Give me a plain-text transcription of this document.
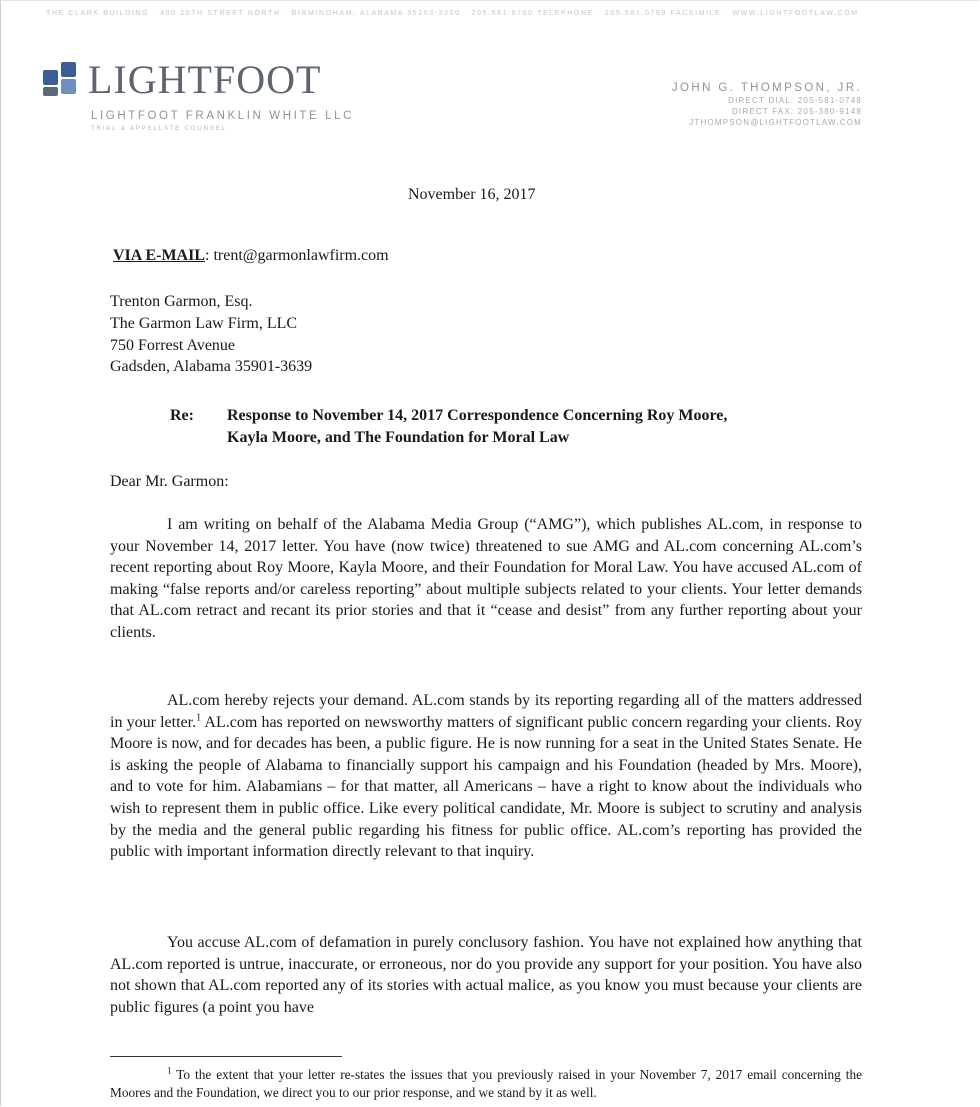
THE CLARK BUILDING · 400 20TH STREET NORTH · BIRMINGHAM, ALABAMA 35203-3200 · 205.581.0700 TELEPHONE · 205.581.0799 FACSIMILE · WWW.LIGHTFOOTLAW.COM
LIGHTFOOT
LIGHTFOOT FRANKLIN WHITE LLC
TRIAL & APPELLATE COUNSEL
JOHN G. THOMPSON, JR.
DIRECT DIAL: 205-581-0748
DIRECT FAX: 205-380-9148
JTHOMPSON@LIGHTFOOTLAW.COM
November 16, 2017
VIA E-MAIL: trent@garmonlawfirm.com
Trenton Garmon, Esq.
The Garmon Law Firm, LLC
750 Forrest Avenue
Gadsden, Alabama 35901-3639
Re: Response to November 14, 2017 Correspondence Concerning Roy Moore,
Kayla Moore, and The Foundation for Moral Law
Dear Mr. Garmon:

I am writing on behalf of the Alabama Media Group (“AMG”), which publishes AL.com, in response to your November 14, 2017 letter. You have (now twice) threatened to sue AMG and AL.com concerning AL.com’s recent reporting about Roy Moore, Kayla Moore, and their Foundation for Moral Law. You have accused AL.com of making “false reports and/or careless reporting” about multiple subjects related to your clients. Your letter demands that AL.com retract and recant its prior stories and that it “cease and desist” from any further reporting about your clients.

AL.com hereby rejects your demand. AL.com stands by its reporting regarding all of the matters addressed in your letter.$^1$ AL.com has reported on newsworthy matters of significant public concern regarding your clients. Roy Moore is now, and for decades has been, a public figure. He is now running for a seat in the United States Senate. He is asking the people of Alabama to financially support his campaign and his Foundation (headed by Mrs. Moore), and to vote for him. Alabamians – for that matter, all Americans – have a right to know about the individuals who wish to represent them in public office. Like every political candidate, Mr. Moore is subject to scrutiny and analysis by the media and the general public regarding his fitness for public office. AL.com’s reporting has provided the public with important information directly relevant to that inquiry.

You accuse AL.com of defamation in purely conclusory fashion. You have not explained how anything that AL.com reported is untrue, inaccurate, or erroneous, nor do you provide any support for your position. You have also not shown that AL.com reported any of its stories with actual malice, as you know you must because your clients are public figures (a point you have

$^1$ To the extent that your letter re-states the issues that you previously raised in your November 7, 2017 email concerning the Moores and the Foundation, we direct you to our prior response, and we stand by it as well.
